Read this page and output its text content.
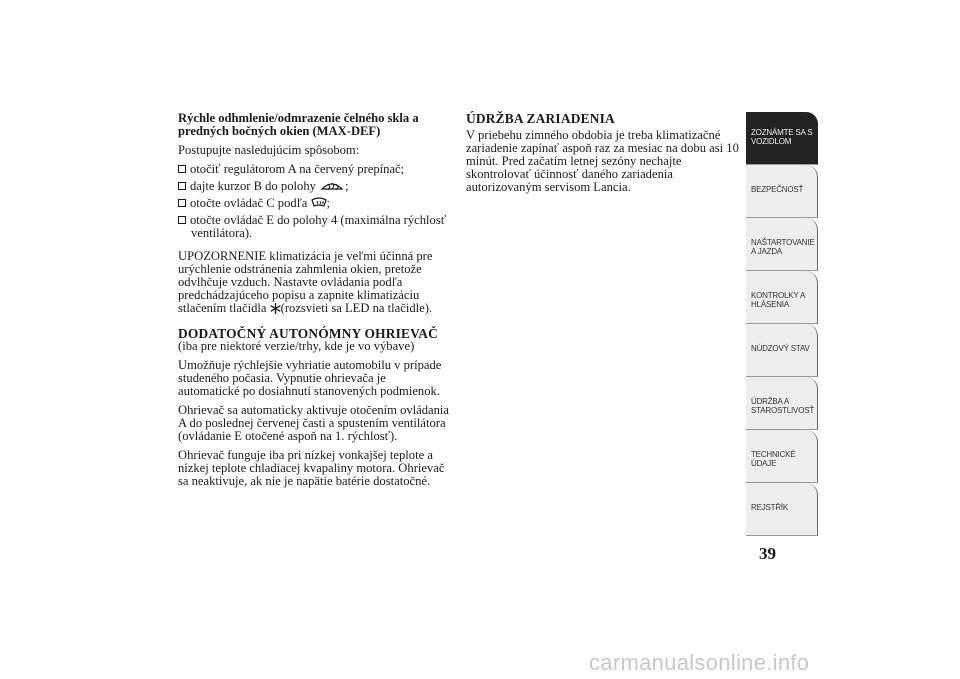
Rýchle odhmlenie/odmrazenie čelného skla a
predných bočných okien (MAX-DEF)

Postupujte nasledujúcim spôsobom:

otočiť regulátorom A na červený prepínač;
dajte kurzor B do polohy ;
otočte ovládač C podľa ;
otočte ovládač E do polohy 4 (maximálna rýchlosť ventilátora).

UPOZORNENIE klimatizácia je veľmi účinná pre urýchlenie odstránenia zahmlenia okien, pretože odvlhčuje vzduch. Nastavte ovládania podľa predchádzajúceho popisu a zapnite klimatizáciu stlačením tlačidla (rozsvieti sa LED na tlačidle).

DODATOČNÝ AUTONÓMNY OHRIEVAČ

(iba pre niektoré verzie/trhy, kde je vo výbave)

Umožňuje rýchlejšie vyhriatie automobilu v prípade studeného počasia. Vypnutie ohrievača je automatické po dosiahnutí stanovených podmienok.

Ohrievač sa automaticky aktivuje otočením ovládania A do poslednej červenej časti a spustením ventilátora (ovládanie E otočené aspoň na 1. rýchlosť).

Ohrievač funguje iba pri nízkej vonkajšej teplote a nízkej teplote chladiacej kvapaliny motora. Ohrievač sa neaktivuje, ak nie je napätie batérie dostatočné.

ÚDRŽBA ZARIADENIA

V priebehu zimného obdobia je treba klimatizačné zariadenie zapínať aspoň raz za mesiac na dobu asi 10 minút. Pred začatím letnej sezóny nechajte skontrolovať účinnosť daného zariadenia autorizovaným servisom Lancia.

ZOZNÁMTE SA S
VOZIDLOM
BEZPEČNOSŤ
NAŠTARTOVANIE
A JAZDA
KONTROLKY A
HLÁSENIA
NÚDZOVÝ STAV
ÚDRŽBA A
STAROSTLIVOSŤ
TECHNICKÉ
ÚDAJE
REJSTŘÍK
39
carmanualsonline.info
